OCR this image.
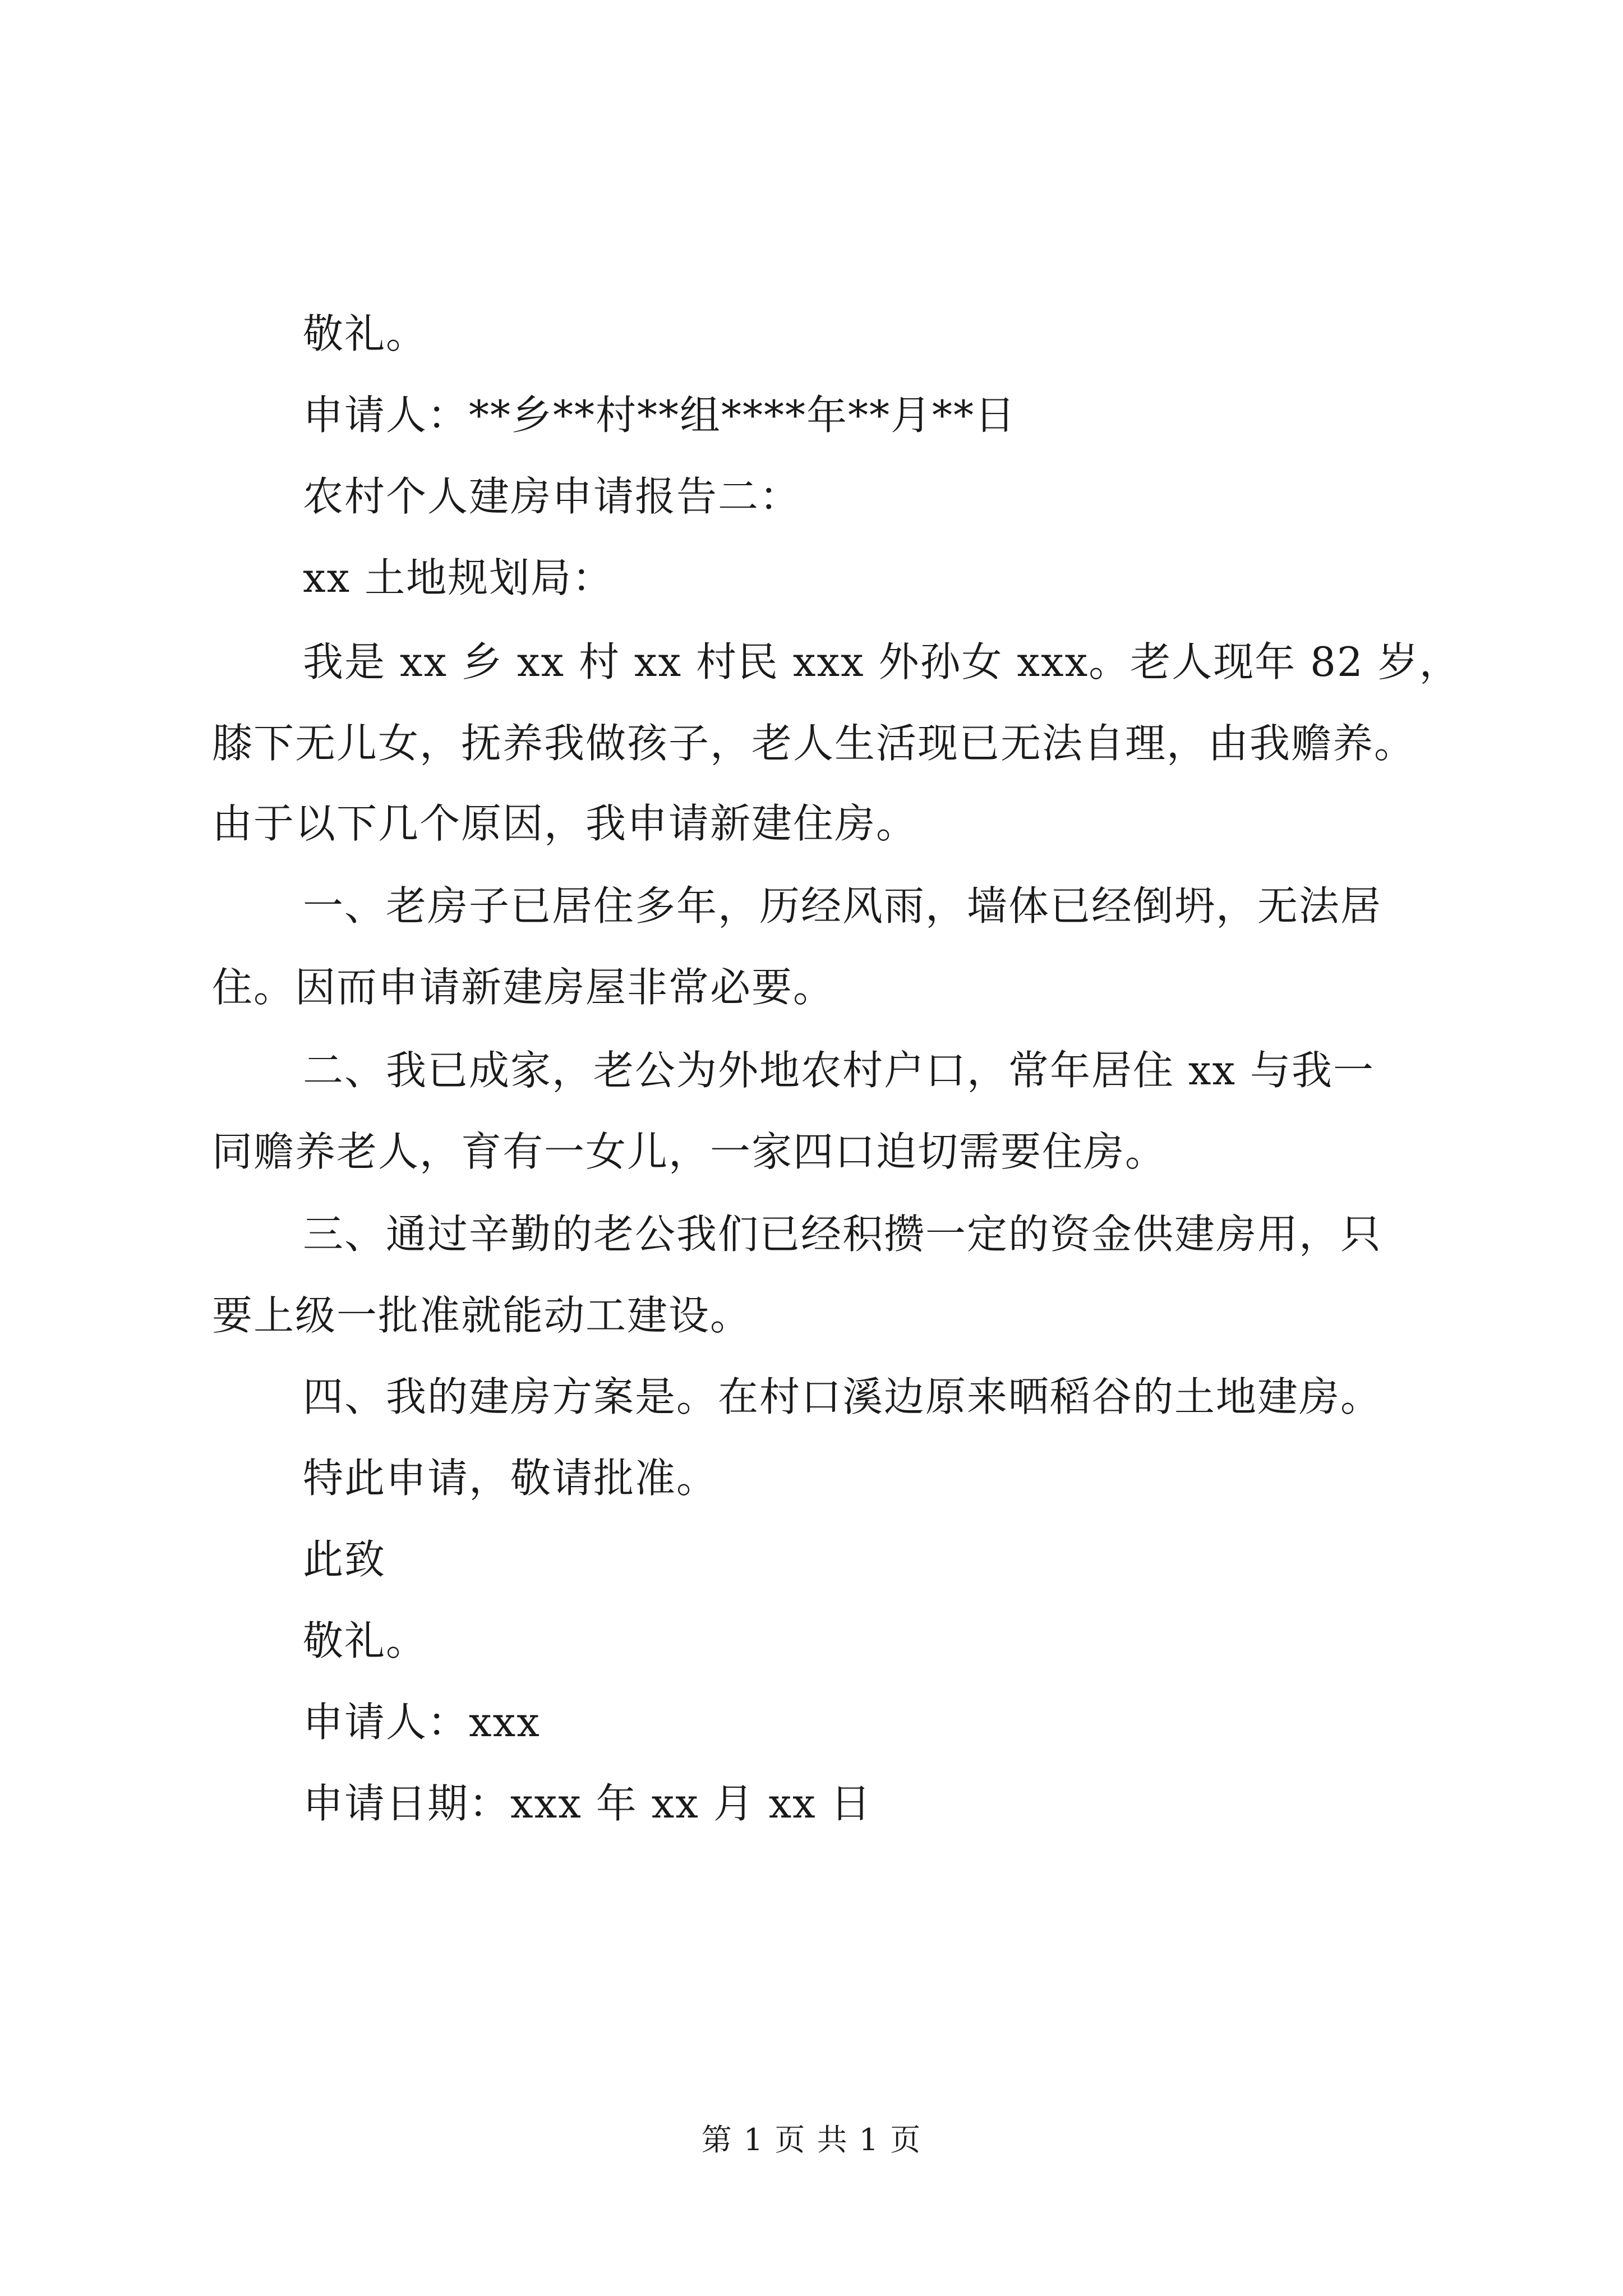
敬礼。
申请人：**乡**村**组****年**月**日
农村个人建房申请报告二：
xx 土地规划局：
我是 xx 乡 xx 村 xx 村民 xxx 外孙女 xxx。老人现年 82 岁，
膝下无儿女，抚养我做孩子，老人生活现已无法自理，由我赡养。
由于以下几个原因，我申请新建住房。
一、老房子已居住多年，历经风雨，墙体已经倒坍，无法居
住。因而申请新建房屋非常必要。
二、我已成家，老公为外地农村户口，常年居住 xx 与我一
同赡养老人，育有一女儿，一家四口迫切需要住房。
三、通过辛勤的老公我们已经积攒一定的资金供建房用，只
要上级一批准就能动工建设。
四、我的建房方案是。在村口溪边原来晒稻谷的土地建房。
特此申请，敬请批准。
此致
敬礼。
申请人：xxx
申请日期：xxx 年 xx 月 xx 日
第 1 页 共 1 页
